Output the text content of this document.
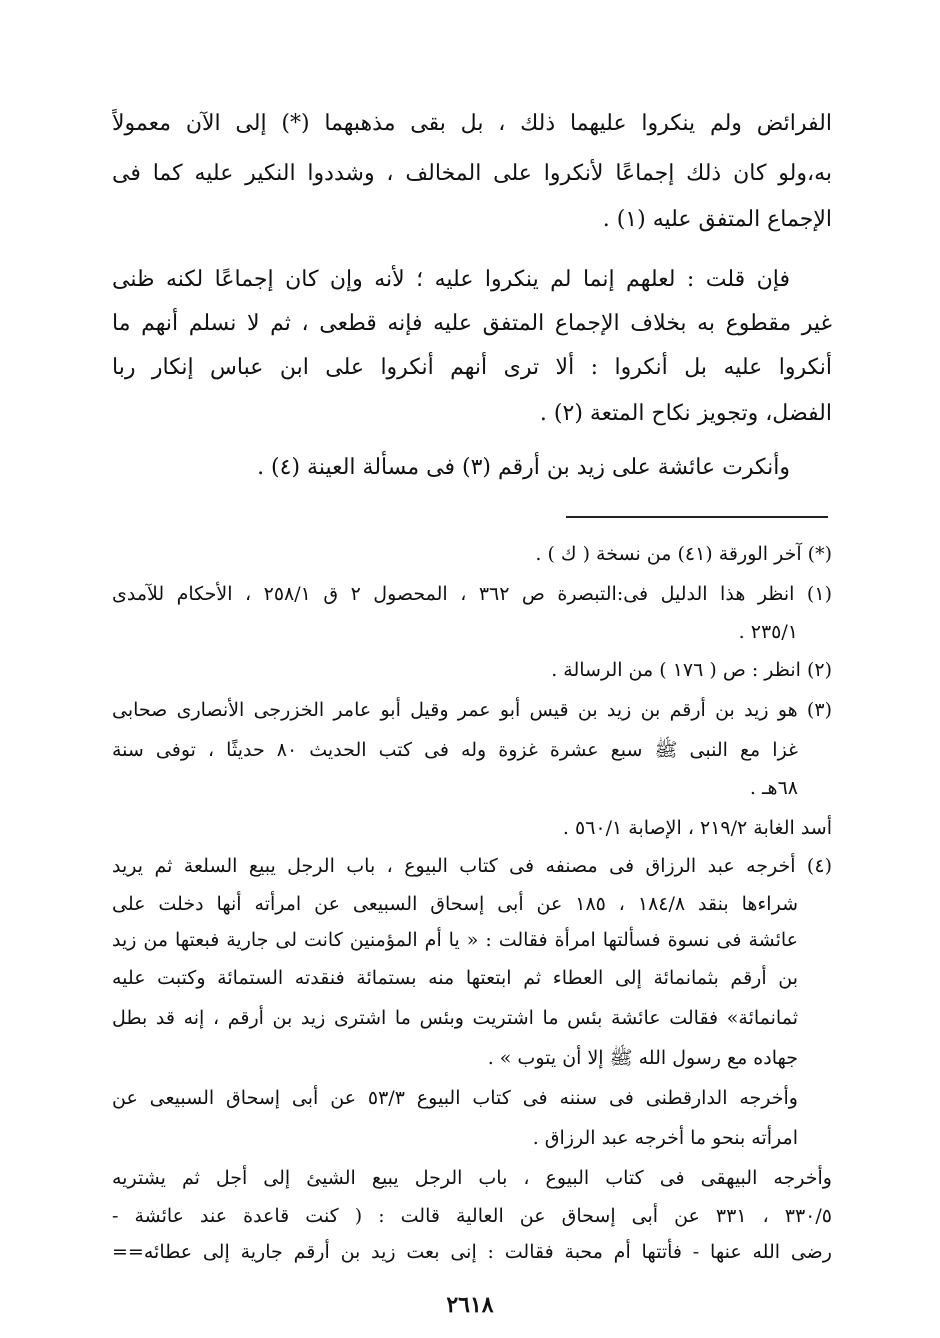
الفرائض ولم ينكروا عليهما ذلك ، بل بقى مذهبهما (*) إلى الآن معمولاً
به،ولو كان ذلك إجماعًا لأنكروا على المخالف ، وشددوا النكير عليه كما فى
الإجماع المتفق عليه (١) .
فإن قلت : لعلهم إنما لم ينكروا عليه ؛ لأنه وإن كان إجماعًا لكنه ظنى
غير مقطوع به بخلاف الإجماع المتفق عليه فإنه قطعى ، ثم لا نسلم أنهم ما
أنكروا عليه بل أنكروا : ألا ترى أنهم أنكروا على ابن عباس إنكار ربا
الفضل، وتجويز نكاح المتعة (٢) .
وأنكرت عائشة على زيد بن أرقم (٣) فى مسألة العينة (٤) .
(*) آخر الورقة (٤١) من نسخة ( ك ) .
(١) انظر هذا الدليل فى:التبصرة ص ٣٦٢ ، المحصول ٢ ق ٢٥٨/١ ، الأحكام للآمدى
٢٣٥/١ .
(٢) انظر : ص ( ١٧٦ ) من الرسالة .
(٣) هو زيد بن أرقم بن زيد بن قيس أبو عمر وقيل أبو عامر الخزرجى الأنصارى صحابى
غزا مع النبى ﷺ سبع عشرة غزوة وله فى كتب الحديث ٨٠ حديثًا ، توفى سنة
٦٨هـ .
أسد الغابة ٢١٩/٢ ، الإصابة ٥٦٠/١ .
(٤) أخرجه عبد الرزاق فى مصنفه فى كتاب البيوع ، باب الرجل يبيع السلعة ثم يريد
شراءها بنقد ١٨٤/٨ ، ١٨٥ عن أبى إسحاق السبيعى عن امرأته أنها دخلت على
عائشة فى نسوة فسألتها امرأة فقالت : « يا أم المؤمنين كانت لى جارية فبعتها من زيد
بن أرقم بثمانمائة إلى العطاء ثم ابتعتها منه بستمائة فنقدته الستمائة وكتبت عليه
ثمانمائة» فقالت عائشة بئس ما اشتريت وبئس ما اشترى زيد بن أرقم ، إنه قد بطل
جهاده مع رسول الله ﷺ إلا أن يتوب » .
وأخرجه الدارقطنى فى سننه فى كتاب البيوع ٥٣/٣ عن أبى إسحاق السبيعى عن
امرأته بنحو ما أخرجه عبد الرزاق .
وأخرجه البيهقى فى كتاب البيوع ، باب الرجل يبيع الشيئ إلى أجل ثم يشتريه
٣٣٠/٥ ، ٣٣١ عن أبى إسحاق عن العالية قالت : ( كنت قاعدة عند عائشة -
رضى الله عنها - فأتتها أم محبة فقالت : إنى بعت زيد بن أرقم جارية إلى عطائه==
٢٦١٨
